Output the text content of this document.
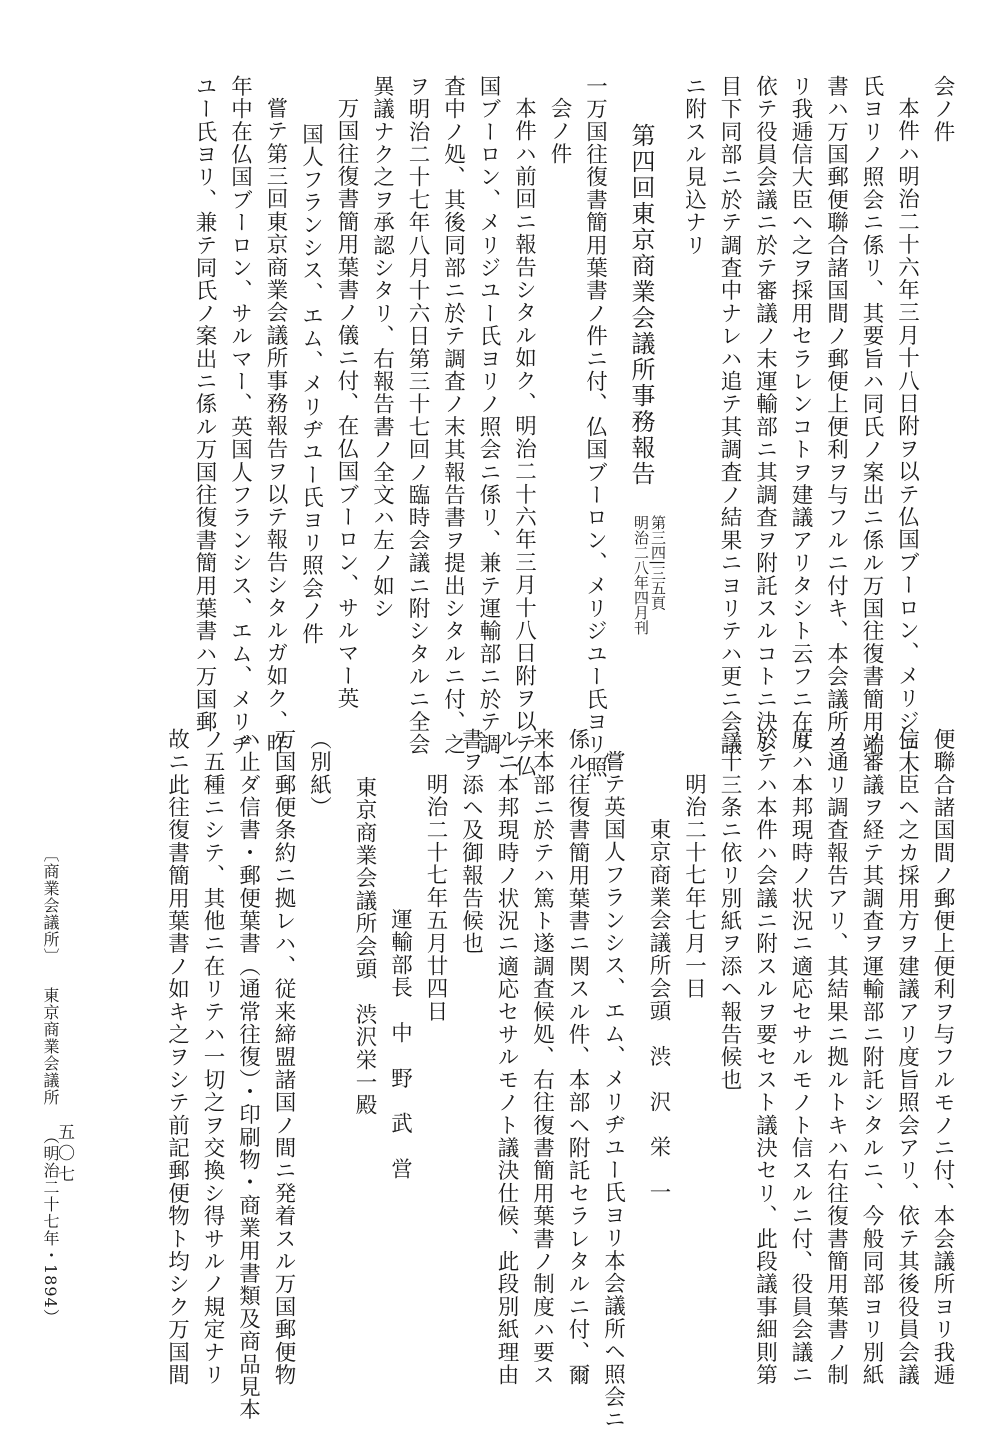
会ノ件
本件ハ明治二十六年三月十八日附ヲ以テ仏国ブーロン、メリジユー
氏ヨリノ照会ニ係リ、其要旨ハ同氏ノ案出ニ係ル万国往復書簡用端
書ハ万国郵便聯合諸国間ノ郵便上便利ヲ与フルニ付キ、本会議所ヨ
リ我逓信大臣ヘ之ヲ採用セラレンコトヲ建議アリタシト云フニ在リ
依テ役員会議ニ於テ審議ノ末運輸部ニ其調査ヲ附託スルコトニ決シ
目下同部ニ於テ調査中ナレハ追テ其調査ノ結果ニヨリテハ更ニ会議
ニ附スル見込ナリ
第四回東京商業会議所事務報告
第三四|三五頁
明治二八年四月刊
一万国往復書簡用葉書ノ件ニ付、仏国ブーロン、メリジユー氏ヨリ照
会ノ件
本件ハ前回ニ報告シタル如ク、明治二十六年三月十八日附ヲ以テ仏
国ブーロン、メリジユー氏ヨリノ照会ニ係リ、兼テ運輸部ニ於テ調
査中ノ処、其後同部ニ於テ調査ノ末其報告書ヲ提出シタルニ付、之
ヲ明治二十七年八月十六日第三十七回ノ臨時会議ニ附シタルニ全会
異議ナク之ヲ承認シタリ、右報告書ノ全文ハ左ノ如シ
万国往復書簡用葉書ノ儀ニ付、在仏国ブーロン、サルマー英
国人フランシス、エム、メリヂユー氏ヨリ照会ノ件
嘗テ第三回東京商業会議所事務報告ヲ以テ報告シタルガ如ク、昨
年中在仏国ブーロン、サルマー、英国人フランシス、エム、メリヂ
ユー氏ヨリ、兼テ同氏ノ案出ニ係ル万国往復書簡用葉書ハ万国郵
便聯合諸国間ノ郵便上便利ヲ与フルモノニ付、本会議所ヨリ我逓
信大臣ヘ之カ採用方ヲ建議アリ度旨照会アリ、依テ其後役員会議
ノ審議ヲ経テ其調査ヲ運輸部ニ附託シタルニ、今般同部ヨリ別紙
ノ通リ調査報告アリ、其結果ニ拠ルトキハ右往復書簡用葉書ノ制
度ハ本邦現時ノ状況ニ適応セサルモノト信スルニ付、役員会議ニ
於テハ本件ハ会議ニ附スルヲ要セスト議決セリ、此段議事細則第
二十三条ニ依リ別紙ヲ添ヘ報告候也
明治二十七年七月一日
東京商業会議所会頭　渋　沢　栄　一
嘗テ英国人フランシス、エム、メリヂユー氏ヨリ本会議所ヘ照会ニ
係ル往復書簡用葉書ニ関スル件、本部ヘ附託セラレタルニ付、爾
来本部ニ於テハ篤ト遂調査候処、右往復書簡用葉書ノ制度ハ要ス
ルニ本邦現時ノ状況ニ適応セサルモノト議決仕候、此段別紙理由
書ヲ添ヘ及御報告候也
明治二十七年五月廿四日
運輸部長　中　野　武　営
東京商業会議所会頭　渋沢栄一殿
（別紙）
万国郵便条約ニ拠レハ、従来締盟諸国ノ間ニ発着スル万国郵便物
ハ止ダ信書・郵便葉書（通常往復）・印刷物・商業用書類及商品見本
ノ五種ニシテ、其他ニ在リテハ一切之ヲ交換シ得サルノ規定ナリ
故ニ此往復書簡用葉書ノ如キ之ヲシテ前記郵便物ト均シク万国間
〔商業会議所〕 東京商業会議所 （明治二十七年・1894）
五〇七
